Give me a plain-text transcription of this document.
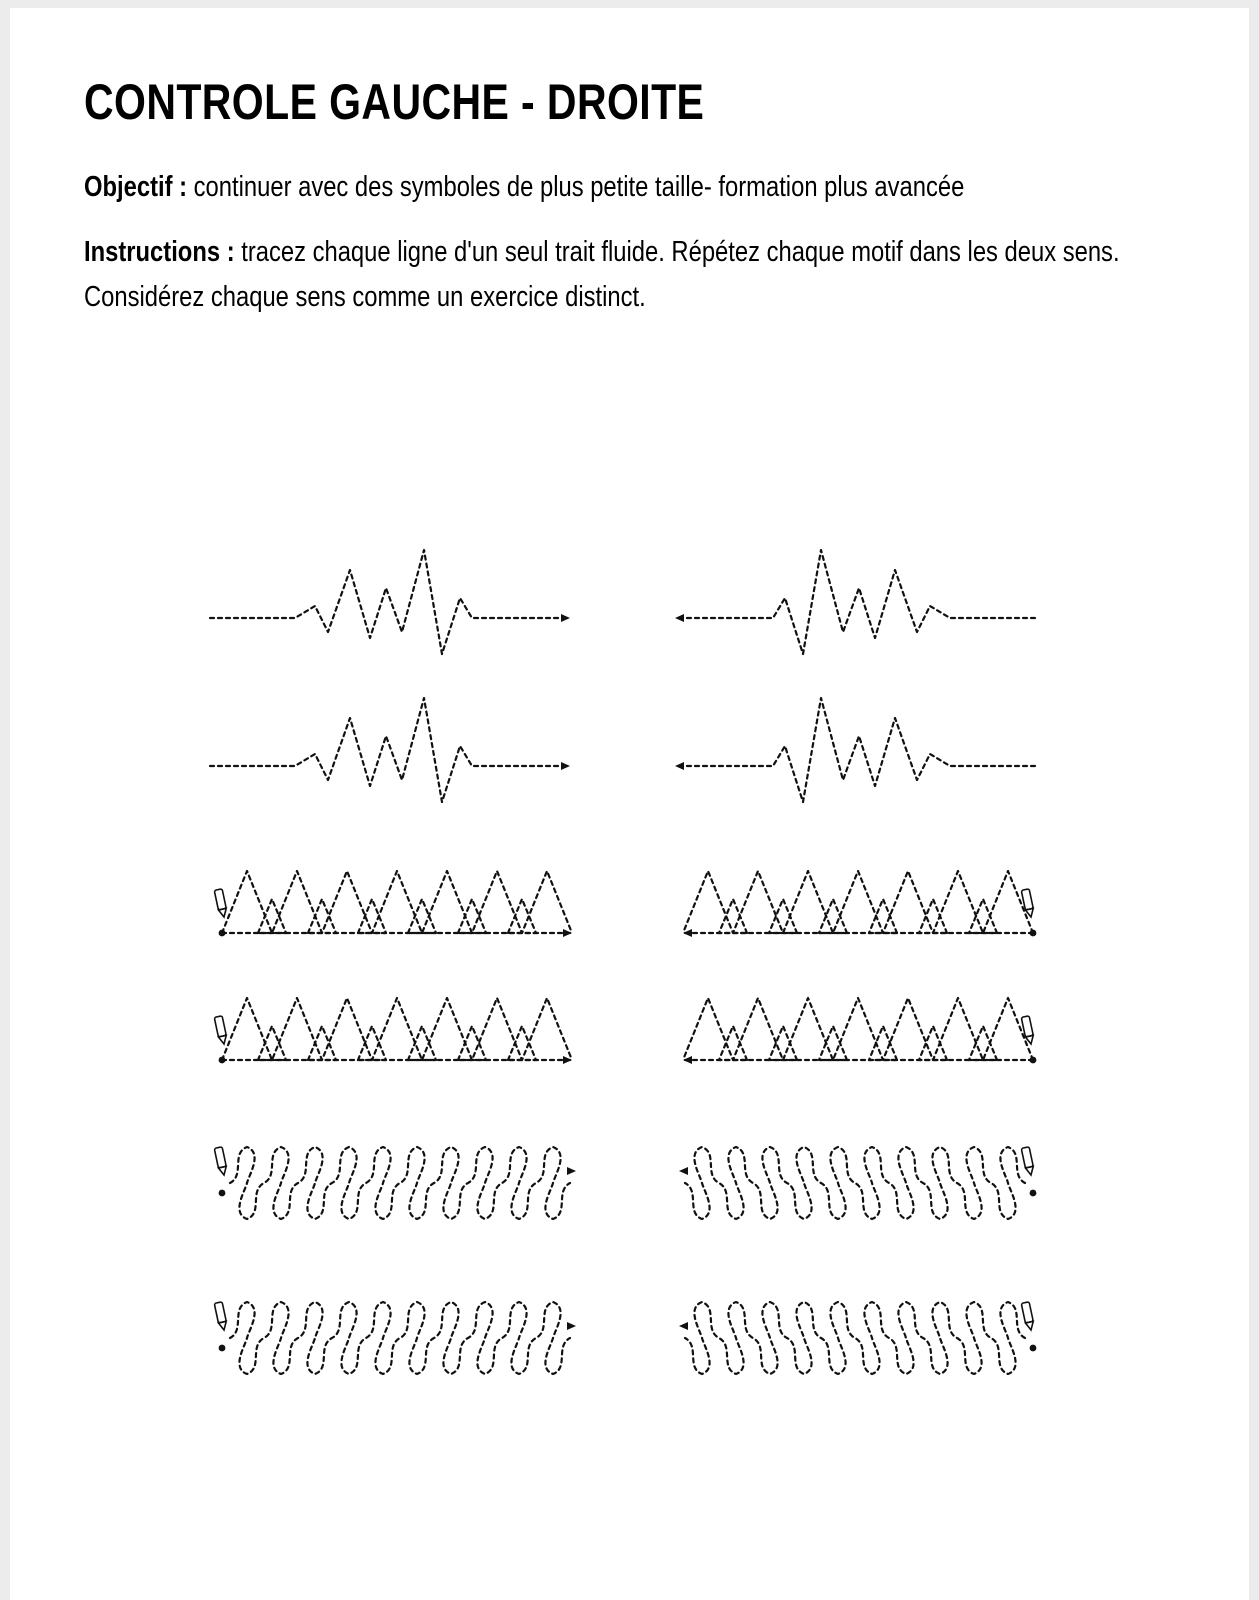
CONTROLE GAUCHE - DROITE

Objectif : continuer avec des symboles de plus petite taille- formation plus avancée

Instructions : tracez chaque ligne d'un seul trait fluide. Répétez chaque motif dans les deux sens. Considérez chaque sens comme un exercice distinct.
